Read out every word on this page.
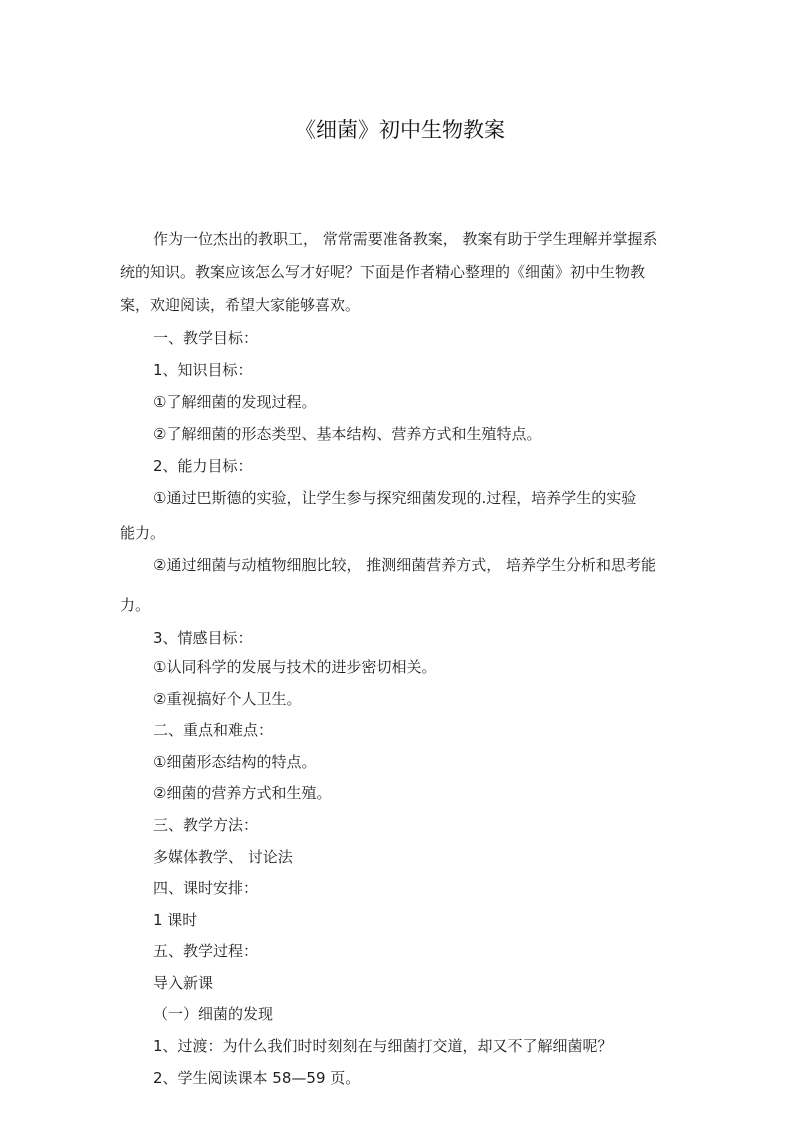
《细菌》初中生物教案
作为一位杰出的教职工， 常常需要准备教案， 教案有助于学生理解并掌握系
统的知识。教案应该怎么写才好呢？下面是作者精心整理的《细菌》初中生物教
案，欢迎阅读，希望大家能够喜欢。
一、教学目标：
1、知识目标：
①了解细菌的发现过程。
②了解细菌的形态类型、基本结构、营养方式和生殖特点。
2、能力目标：
①通过巴斯德的实验，让学生参与探究细菌发现的.过程，培养学生的实验
能力。
②通过细菌与动植物细胞比较， 推测细菌营养方式， 培养学生分析和思考能
力。
3、情感目标：
①认同科学的发展与技术的进步密切相关。
②重视搞好个人卫生。
二、重点和难点：
①细菌形态结构的特点。
②细菌的营养方式和生殖。
三、教学方法：
多媒体教学、 讨论法
四、课时安排：
1 课时
五、教学过程：
导入新课
（一）细菌的发现
1、过渡：为什么我们时时刻刻在与细菌打交道，却又不了解细菌呢？
2、学生阅读课本 58—59 页。
